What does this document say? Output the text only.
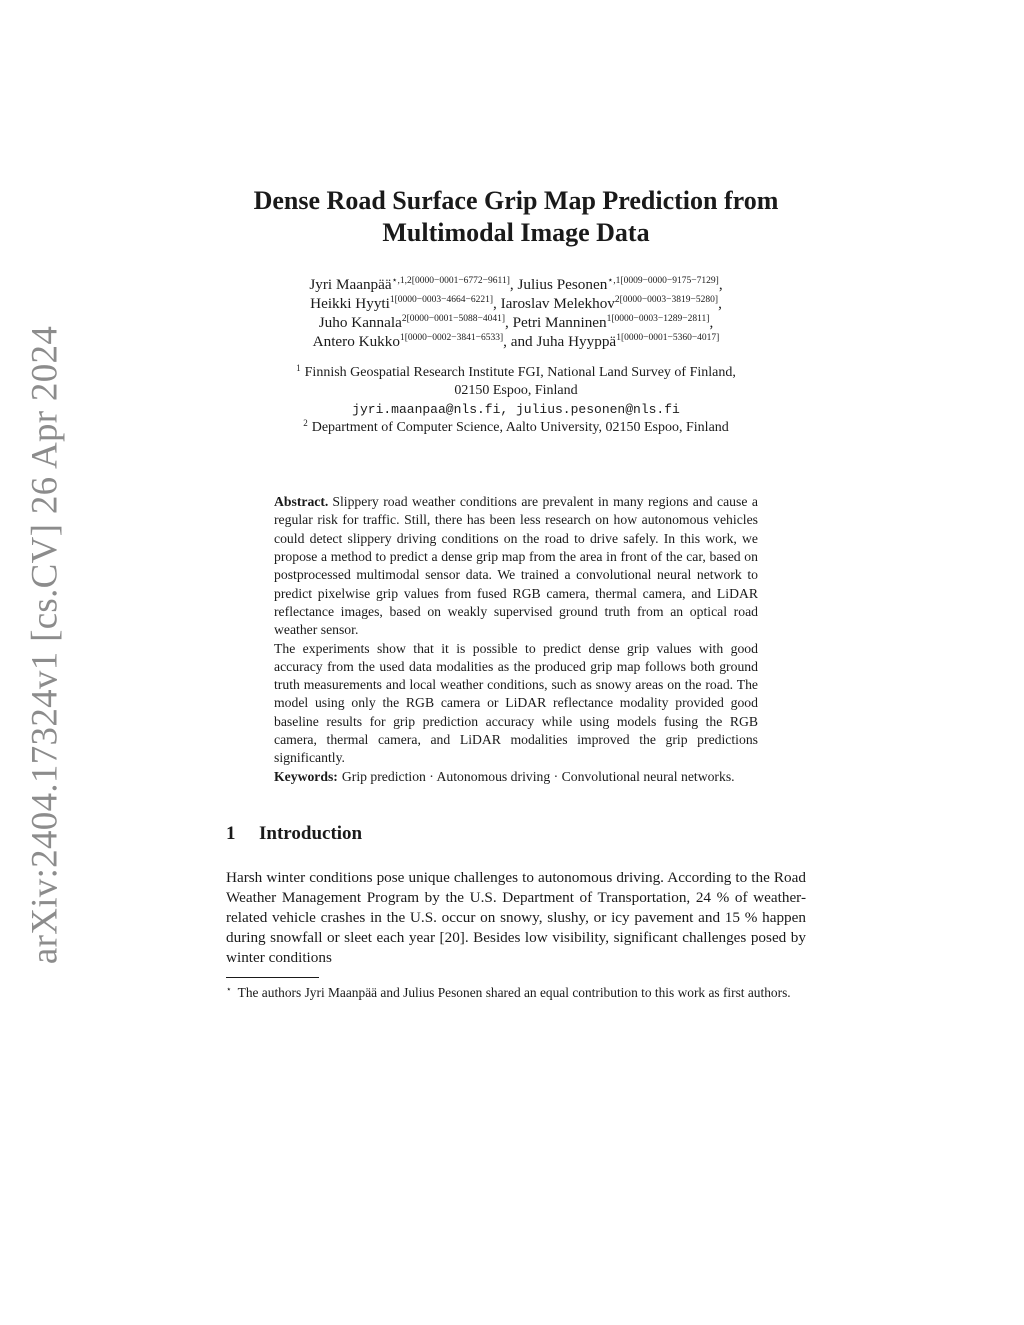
arXiv:2404.17324v1 [cs.CV] 26 Apr 2024
Dense Road Surface Grip Map Prediction from Multimodal Image Data
Jyri Maanpää$^{⋆,1,2[0000-0001-6772-9611]}$, Julius Pesonen$^{⋆,1[0009-0000-9175-7129]}$,
Heikki Hyyti$^{1[0000-0003-4664-6221]}$, Iaroslav Melekhov$^{2[0000-0003-3819-5280]}$,
Juho Kannala$^{2[0000-0001-5088-4041]}$, Petri Manninen$^{1[0000-0003-1289-2811]}$,
Antero Kukko$^{1[0000-0002-3841-6533]}$, and Juha Hyyppä$^{1[0000-0001-5360-4017]}$
$^1$ Finnish Geospatial Research Institute FGI, National Land Survey of Finland,
02150 Espoo, Finland
jyri.maanpaa@nls.fi, julius.pesonen@nls.fi
$^2$ Department of Computer Science, Aalto University, 02150 Espoo, Finland

Abstract. Slippery road weather conditions are prevalent in many regions and cause a regular risk for traffic. Still, there has been less research on how autonomous vehicles could detect slippery driving conditions on the road to drive safely. In this work, we propose a method to predict a dense grip map from the area in front of the car, based on postprocessed multimodal sensor data. We trained a convolutional neural network to predict pixelwise grip values from fused RGB camera, thermal camera, and LiDAR reflectance images, based on weakly supervised ground truth from an optical road weather sensor.

The experiments show that it is possible to predict dense grip values with good accuracy from the used data modalities as the produced grip map follows both ground truth measurements and local weather conditions, such as snowy areas on the road. The model using only the RGB camera or LiDAR reflectance modality provided good baseline results for grip prediction accuracy while using models fusing the RGB camera, thermal camera, and LiDAR modalities improved the grip predictions significantly.

Keywords: Grip prediction · Autonomous driving · Convolutional neural networks.

1 Introduction
Harsh winter conditions pose unique challenges to autonomous driving. According to the Road Weather Management Program by the U.S. Department of Transportation, 24 % of weather-related vehicle crashes in the U.S. occur on snowy, slushy, or icy pavement and 15 % happen during snowfall or sleet each year [20]. Besides low visibility, significant challenges posed by winter conditions
⋆ The authors Jyri Maanpää and Julius Pesonen shared an equal contribution to this work as first authors.
